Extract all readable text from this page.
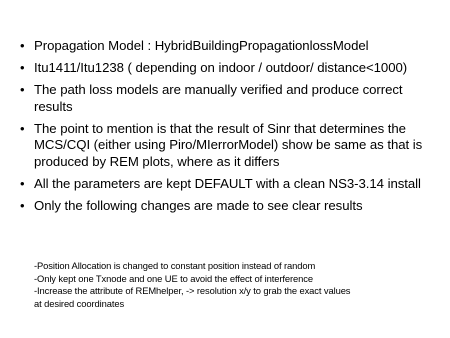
• Propagation Model : HybridBuildingPropagationlossModel
• Itu1411/Itu1238 ( depending on indoor / outdoor/ distance<1000)
• The path loss models are manually verified and produce correct results
• The point to mention is that the result of Sinr that determines the MCS/CQI (either using Piro/MIerrorModel) show be same as that is produced by REM plots, where as it differs
• All the parameters are kept DEFAULT with a clean NS3-3.14 install
• Only the following changes are made to see clear results
-Position Allocation is changed to constant position instead of random
-Only kept one Txnode and one UE to avoid the effect of interference
-Increase the attribute of REMhelper, -> resolution x/y to grab the exact values
at desired coordinates
